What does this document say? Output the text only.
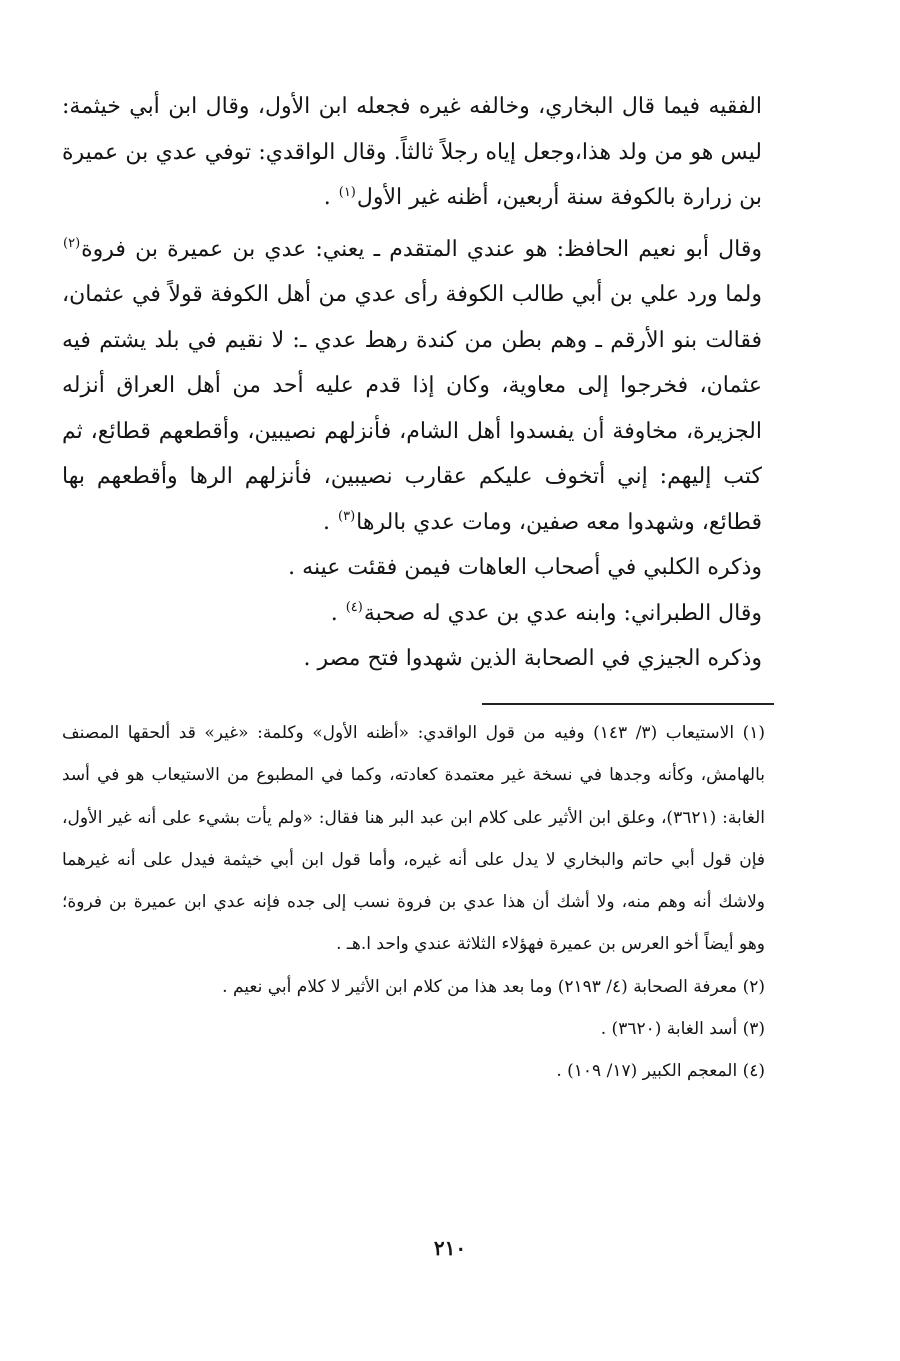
الفقيه فيما قال البخاري، وخالفه غيره فجعله ابن الأول، وقال ابن أبي خيثمة: ليس هو من ولد هذا،وجعل إياه رجلاً ثالثاً. وقال الواقدي: توفي عدي بن عميرة بن زرارة بالكوفة سنة أربعين، أظنه غير الأول$^{(١)}$ .

وقال أبو نعيم الحافظ: هو عندي المتقدم ـ يعني: عدي بن عميرة بن فروة$^{(٢)}$ ولما ورد علي بن أبي طالب الكوفة رأى عدي من أهل الكوفة قولاً في عثمان، فقالت بنو الأرقم ـ وهم بطن من كندة رهط عدي ـ: لا نقيم في بلد يشتم فيه عثمان، فخرجوا إلى معاوية، وكان إذا قدم عليه أحد من أهل العراق أنزله الجزيرة، مخاوفة أن يفسدوا أهل الشام، فأنزلهم نصيبين، وأقطعهم قطائع، ثم كتب إليهم: إني أتخوف عليكم عقارب نصيبين، فأنزلهم الرها وأقطعهم بها قطائع، وشهدوا معه صفين، ومات عدي بالرها$^{(٣)}$ .

وذكره الكلبي في أصحاب العاهات فيمن فقئت عينه .

وقال الطبراني: وابنه عدي بن عدي له صحبة$^{(٤)}$ .

وذكره الجيزي في الصحابة الذين شهدوا فتح مصر .

(١) الاستيعاب (٣/ ١٤٣) وفيه من قول الواقدي: «أظنه الأول» وكلمة: «غير» قد ألحقها المصنف بالهامش، وكأنه وجدها في نسخة غير معتمدة كعادته، وكما في المطبوع من الاستيعاب هو في أسد الغابة: (٣٦٢١)، وعلق ابن الأثير على كلام ابن عبد البر هنا فقال: «ولم يأت بشيء على أنه غير الأول، فإن قول أبي حاتم والبخاري لا يدل على أنه غيره، وأما قول ابن أبي خيثمة فيدل على أنه غيرهما ولاشك أنه وهم منه، ولا أشك أن هذا عدي بن فروة نسب إلى جده فإنه عدي ابن عميرة بن فروة؛ وهو أيضاً أخو العرس بن عميرة فهؤلاء الثلاثة عندي واحد ا.هـ .

(٢) معرفة الصحابة (٤/ ٢١٩٣) وما بعد هذا من كلام ابن الأثير لا كلام أبي نعيم .

(٣) أسد الغابة (٣٦٢٠) .

(٤) المعجم الكبير (١٧/ ١٠٩) .

٢١٠
